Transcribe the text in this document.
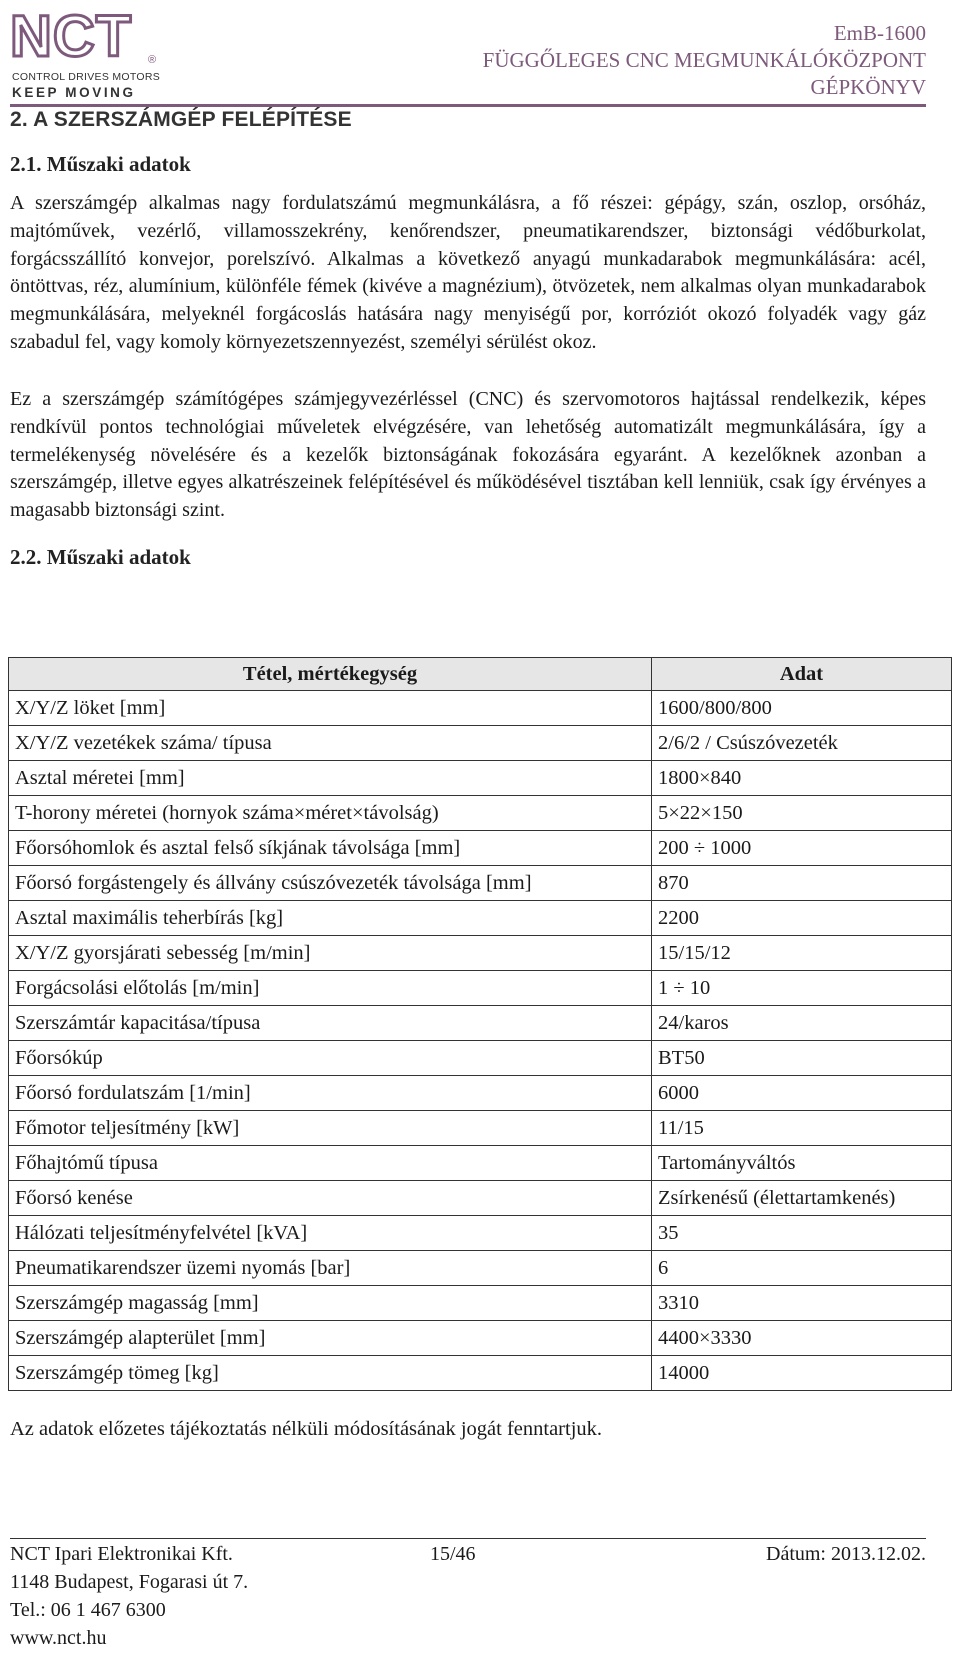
NCT ®
CONTROL DRIVES MOTORS
KEEP MOVING
EmB-1600
FÜGGŐLEGES CNC MEGMUNKÁLÓKÖZPONT
GÉPKÖNYV
2. A SZERSZÁMGÉP FELÉPÍTÉSE
2.1. Műszaki adatok
A szerszámgép alkalmas nagy fordulatszámú megmunkálásra, a fő részei: gépágy, szán, oszlop, orsóház, majtóművek, vezérlő, villamosszekrény, kenőrendszer, pneumatikarendszer, biztonsági védőburkolat, forgácsszállító konvejor, porelszívó. Alkalmas a következő anyagú munkadarabok megmunkálására: acél, öntöttvas, réz, alumínium, különféle fémek (kivéve a magnézium), ötvözetek, nem alkalmas olyan munkadarabok megmunkálására, melyeknél forgácoslás hatására nagy menyiségű por, korróziót okozó folyadék vagy gáz szabadul fel, vagy komoly környezetszennyezést, személyi sérülést okoz.
Ez a szerszámgép számítógépes számjegyvezérléssel (CNC) és szervomotoros hajtással rendelkezik, képes rendkívül pontos technológiai műveletek elvégzésére, van lehetőség automatizált megmunkálására, így a termelékenység növelésére és a kezelők biztonságának fokozására egyaránt. A kezelőknek azonban a szerszámgép, illetve egyes alkatrészeinek felépítésével és működésével tisztában kell lenniük, csak így érvényes a magasabb biztonsági szint.
2.2. Műszaki adatok
Tétel, mértékegység	Adat
X/Y/Z löket [mm]	1600/800/800
X/Y/Z vezetékek száma/ típusa	2/6/2 / Csúszóvezeték
Asztal méretei [mm]	1800×840
T-horony méretei (hornyok száma×méret×távolság)	5×22×150
Főorsóhomlok és asztal felső síkjának távolsága [mm]	200 ÷ 1000
Főorsó forgástengely és állvány csúszóvezeték távolsága [mm]	870
Asztal maximális teherbírás [kg]	2200
X/Y/Z gyorsjárati sebesség [m/min]	15/15/12
Forgácsolási előtolás [m/min]	1 ÷ 10
Szerszámtár kapacitása/típusa	24/karos
Főorsókúp	BT50
Főorsó fordulatszám [1/min]	6000
Főmotor teljesítmény [kW]	11/15
Főhajtómű típusa	Tartományváltós
Főorsó kenése	Zsírkenésű (élettartamkenés)
Hálózati teljesítményfelvétel [kVA]	35
Pneumatikarendszer üzemi nyomás [bar]	6
Szerszámgép magasság [mm]	3310
Szerszámgép alapterület [mm]	4400×3330
Szerszámgép tömeg [kg]	14000
Az adatok előzetes tájékoztatás nélküli módosításának jogát fenntartjuk.
NCT Ipari Elektronikai Kft.
1148 Budapest, Fogarasi út 7.
Tel.: 06 1 467 6300
www.nct.hu
15/46	Dátum: 2013.12.02.
